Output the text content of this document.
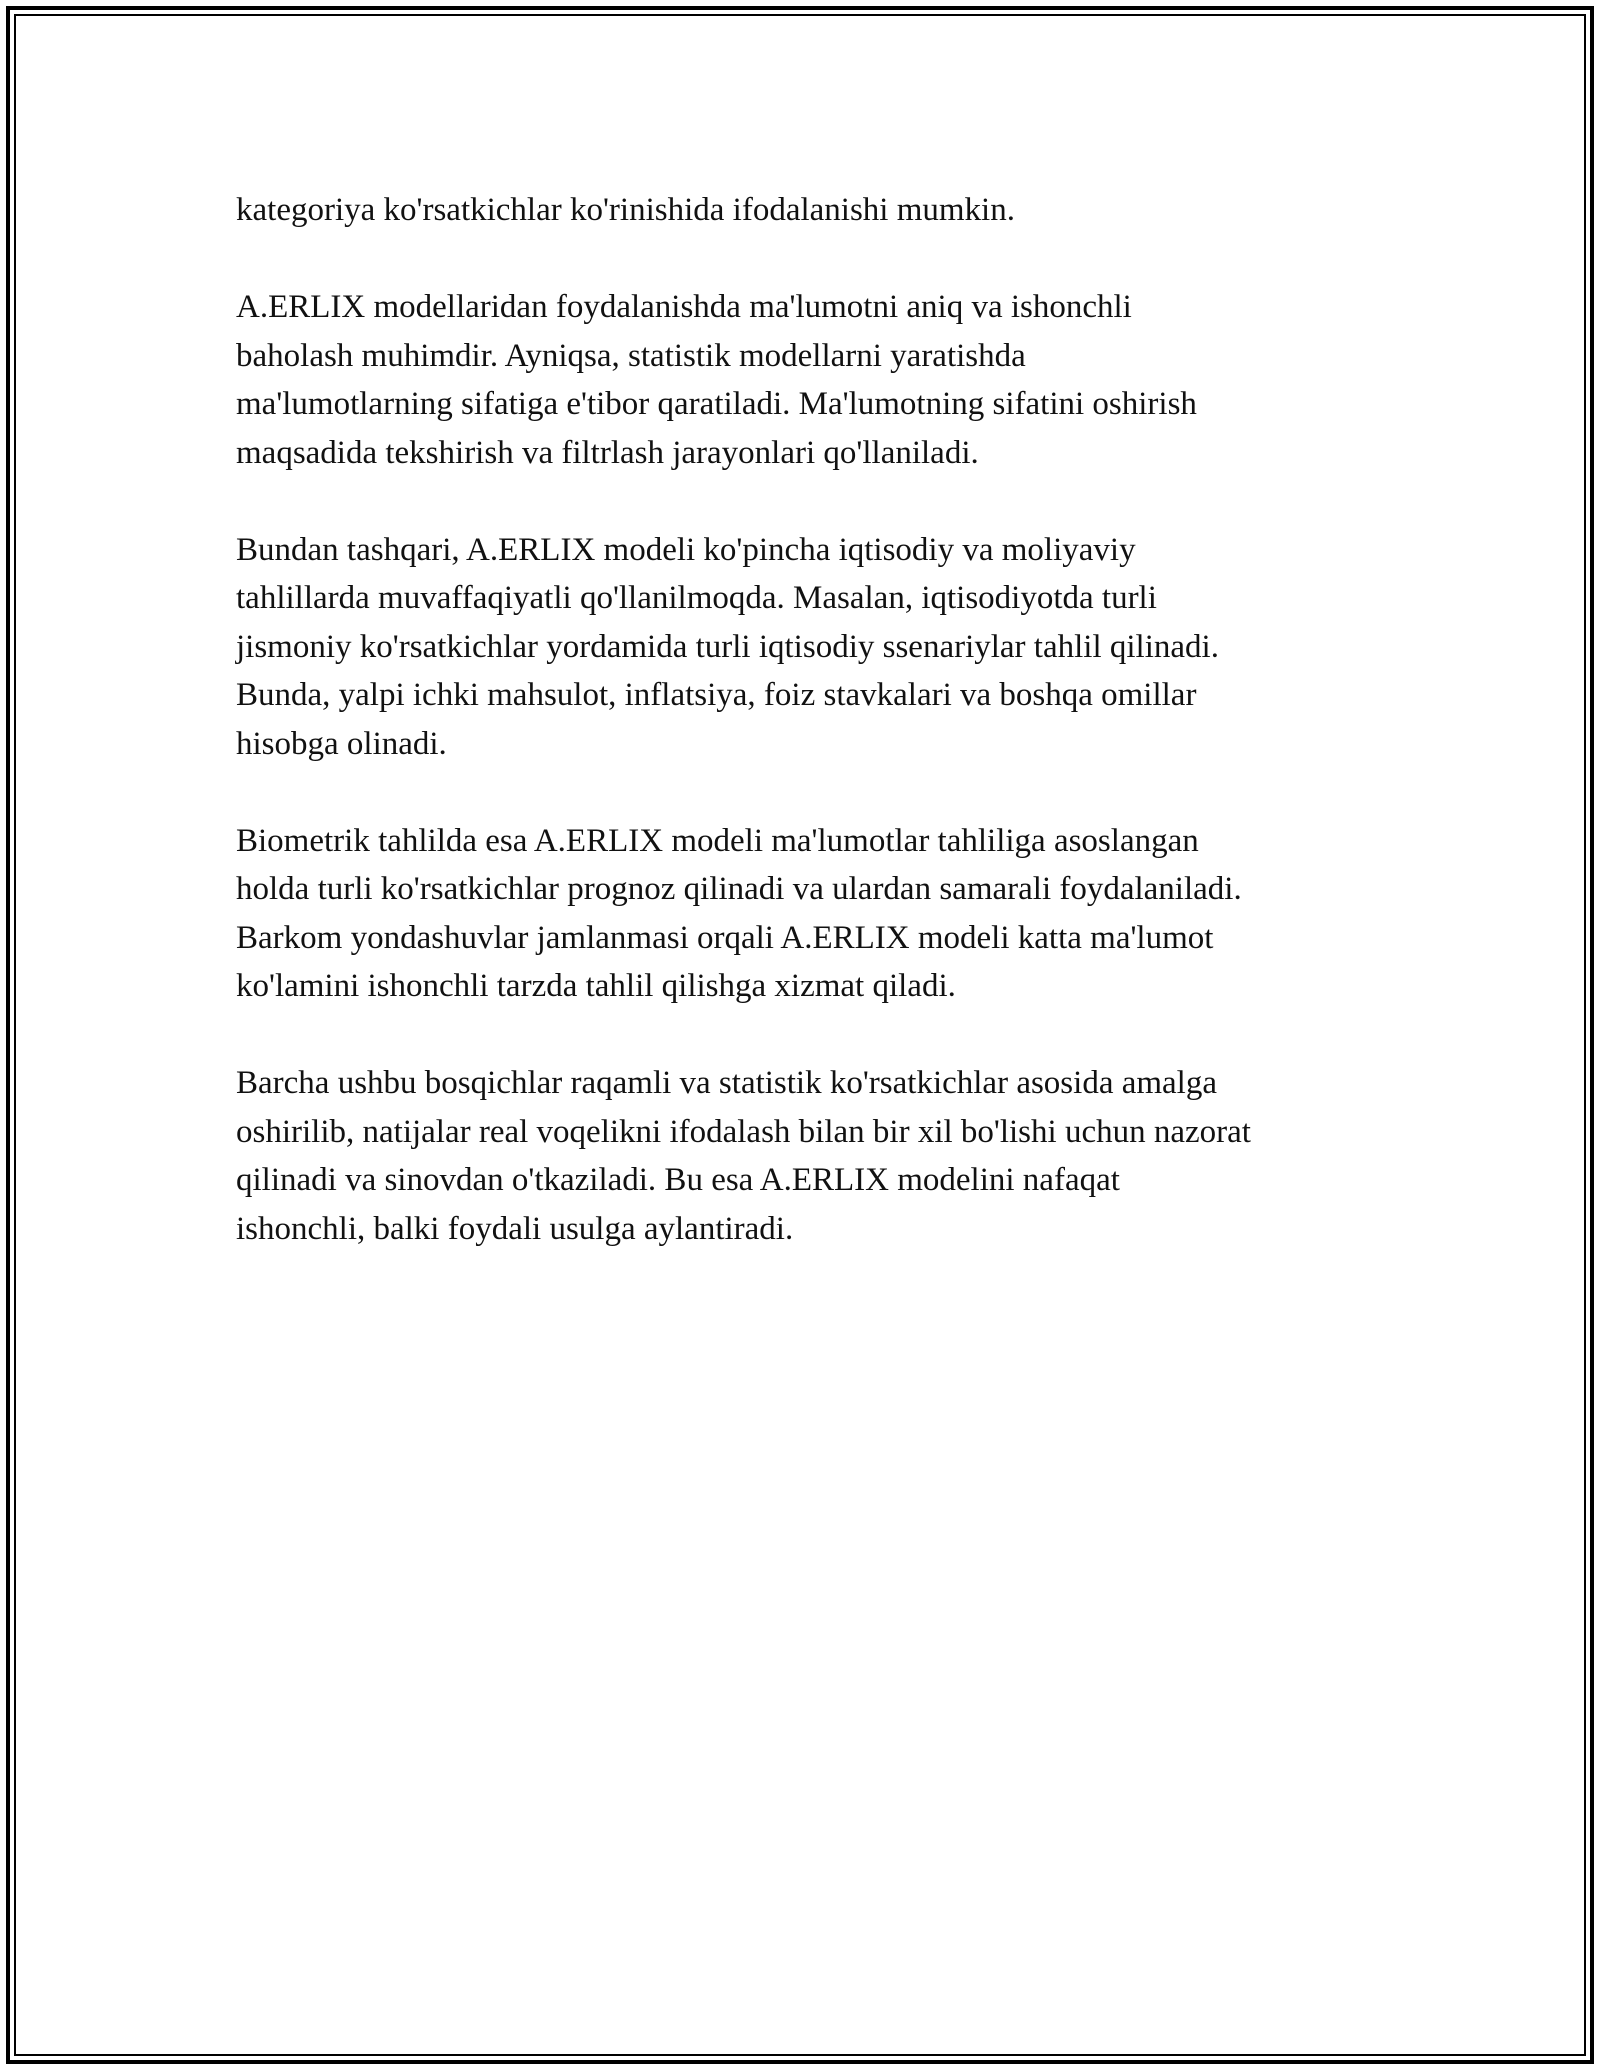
kategoriya ko'rsatkichlar ko'rinishida ifodalanishi mumkin.

A.ERLIX modellaridan foydalanishda ma'lumotni aniq va ishonchli
baholash muhimdir. Ayniqsa, statistik modellarni yaratishda
ma'lumotlarning sifatiga e'tibor qaratiladi. Ma'lumotning sifatini oshirish
maqsadida tekshirish va filtrlash jarayonlari qo'llaniladi.

Bundan tashqari, A.ERLIX modeli ko'pincha iqtisodiy va moliyaviy
tahlillarda muvaffaqiyatli qo'llanilmoqda. Masalan, iqtisodiyotda turli
jismoniy ko'rsatkichlar yordamida turli iqtisodiy ssenariylar tahlil qilinadi.
Bunda, yalpi ichki mahsulot, inflatsiya, foiz stavkalari va boshqa omillar
hisobga olinadi.

Biometrik tahlilda esa A.ERLIX modeli ma'lumotlar tahliliga asoslangan
holda turli ko'rsatkichlar prognoz qilinadi va ulardan samarali foydalaniladi.
Barkom yondashuvlar jamlanmasi orqali A.ERLIX modeli katta ma'lumot
ko'lamini ishonchli tarzda tahlil qilishga xizmat qiladi.

Barcha ushbu bosqichlar raqamli va statistik ko'rsatkichlar asosida amalga
oshirilib, natijalar real voqelikni ifodalash bilan bir xil bo'lishi uchun nazorat
qilinadi va sinovdan o'tkaziladi. Bu esa A.ERLIX modelini nafaqat
ishonchli, balki foydali usulga aylantiradi.
